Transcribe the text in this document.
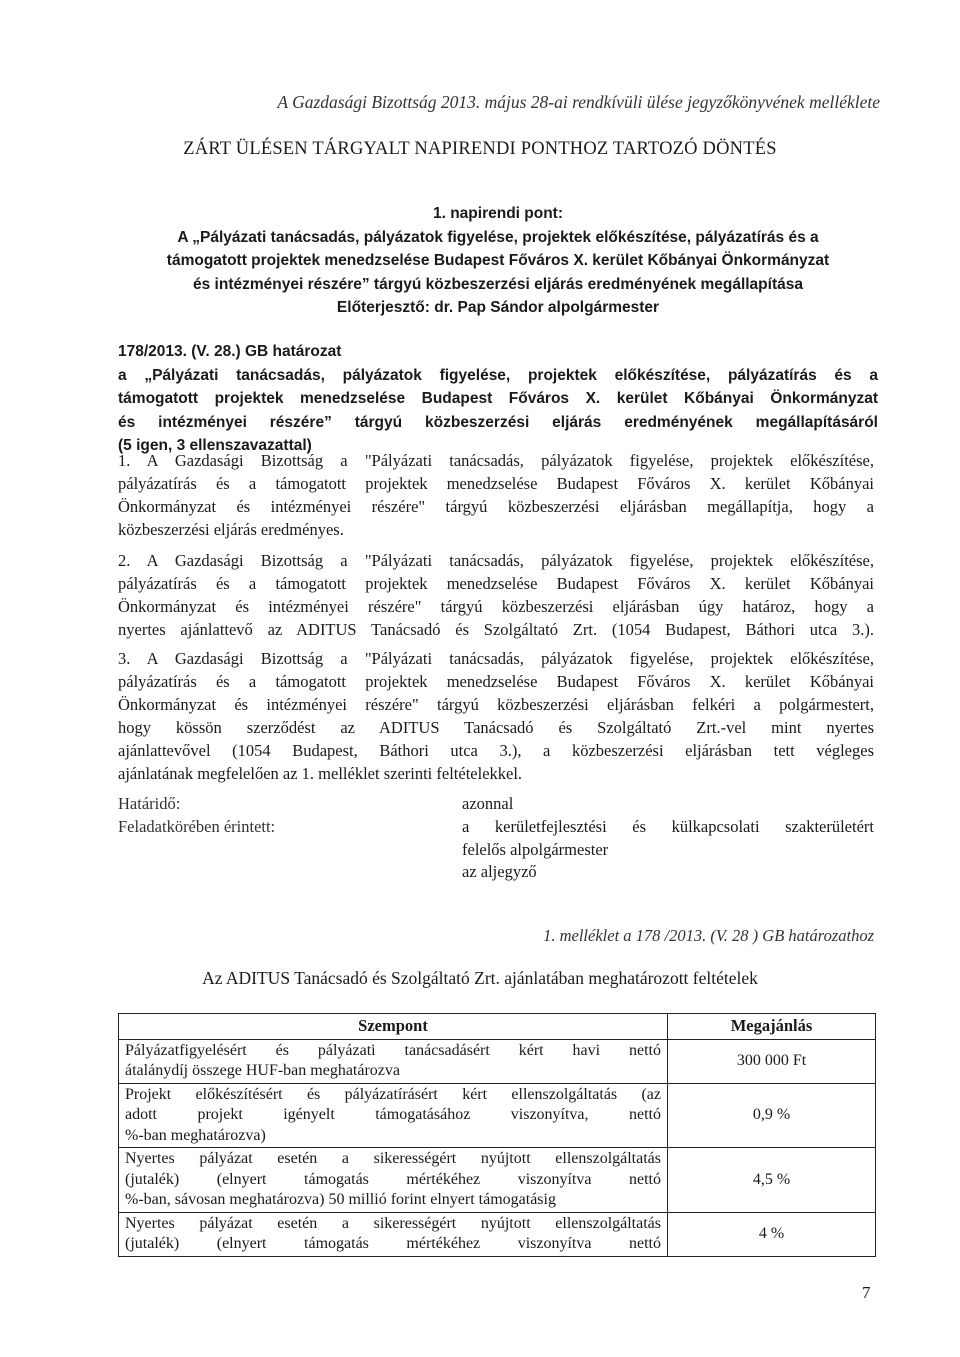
A Gazdasági Bizottság 2013. május 28-ai rendkívüli ülése jegyzőkönyvének melléklete
ZÁRT ÜLÉSEN TÁRGYALT NAPIRENDI PONTHOZ TARTOZÓ DÖNTÉS
1. napirendi pont:
A „Pályázati tanácsadás, pályázatok figyelése, projektek előkészítése, pályázatírás és a
támogatott projektek menedzselése Budapest Főváros X. kerület Kőbányai Önkormányzat
és intézményei részére” tárgyú közbeszerzési eljárás eredményének megállapítása
Előterjesztő: dr. Pap Sándor alpolgármester
178/2013. (V. 28.) GB határozat
a „Pályázati tanácsadás, pályázatok figyelése, projektek előkészítése, pályázatírás és a
támogatott projektek menedzselése Budapest Főváros X. kerület Kőbányai Önkormányzat
és intézményei részére” tárgyú közbeszerzési eljárás eredményének megállapításáról
(5 igen, 3 ellenszavazattal)
1. A Gazdasági Bizottság a "Pályázati tanácsadás, pályázatok figyelése, projektek előkészítése,
pályázatírás és a támogatott projektek menedzselése Budapest Főváros X. kerület Kőbányai
Önkormányzat és intézményei részére" tárgyú közbeszerzési eljárásban megállapítja, hogy a
közbeszerzési eljárás eredményes.
2. A Gazdasági Bizottság a "Pályázati tanácsadás, pályázatok figyelése, projektek előkészítése,
pályázatírás és a támogatott projektek menedzselése Budapest Főváros X. kerület Kőbányai
Önkormányzat és intézményei részére" tárgyú közbeszerzési eljárásban úgy határoz, hogy a
nyertes ajánlattevő az ADITUS Tanácsadó és Szolgáltató Zrt. (1054 Budapest, Báthori utca 3.).
3. A Gazdasági Bizottság a "Pályázati tanácsadás, pályázatok figyelése, projektek előkészítése,
pályázatírás és a támogatott projektek menedzselése Budapest Főváros X. kerület Kőbányai
Önkormányzat és intézményei részére" tárgyú közbeszerzési eljárásban felkéri a polgármestert,
hogy kössön szerződést az ADITUS Tanácsadó és Szolgáltató Zrt.-vel mint nyertes
ajánlattevővel (1054 Budapest, Báthori utca 3.), a közbeszerzési eljárásban tett végleges
ajánlatának megfelelően az 1. melléklet szerinti feltételekkel.
Határidő:	azonnal
Feladatkörében érintett:	a kerületfejlesztési és külkapcsolati szakterületért
felelős alpolgármester
az aljegyző
1. melléklet a 178 /2013. (V. 28 ) GB határozathoz
Az ADITUS Tanácsadó és Szolgáltató Zrt. ajánlatában meghatározott feltételek
Szempont	Megajánlás

Pályázatfigyelésért és pályázati tanácsadásért kért havi nettó
átalánydíj összege HUF-ban meghatározva	300 000 Ft

Projekt előkészítésért és pályázatírásért kért ellenszolgáltatás (az
adott projekt igényelt támogatásához viszonyítva, nettó
%-ban meghatározva)	0,9 %

Nyertes pályázat esetén a sikerességért nyújtott ellenszolgáltatás
(jutalék) (elnyert támogatás mértékéhez viszonyítva nettó
%-ban, sávosan meghatározva) 50 millió forint elnyert támogatásig	4,5 %

Nyertes pályázat esetén a sikerességért nyújtott ellenszolgáltatás
(jutalék) (elnyert támogatás mértékéhez viszonyítva nettó	4 %
7
